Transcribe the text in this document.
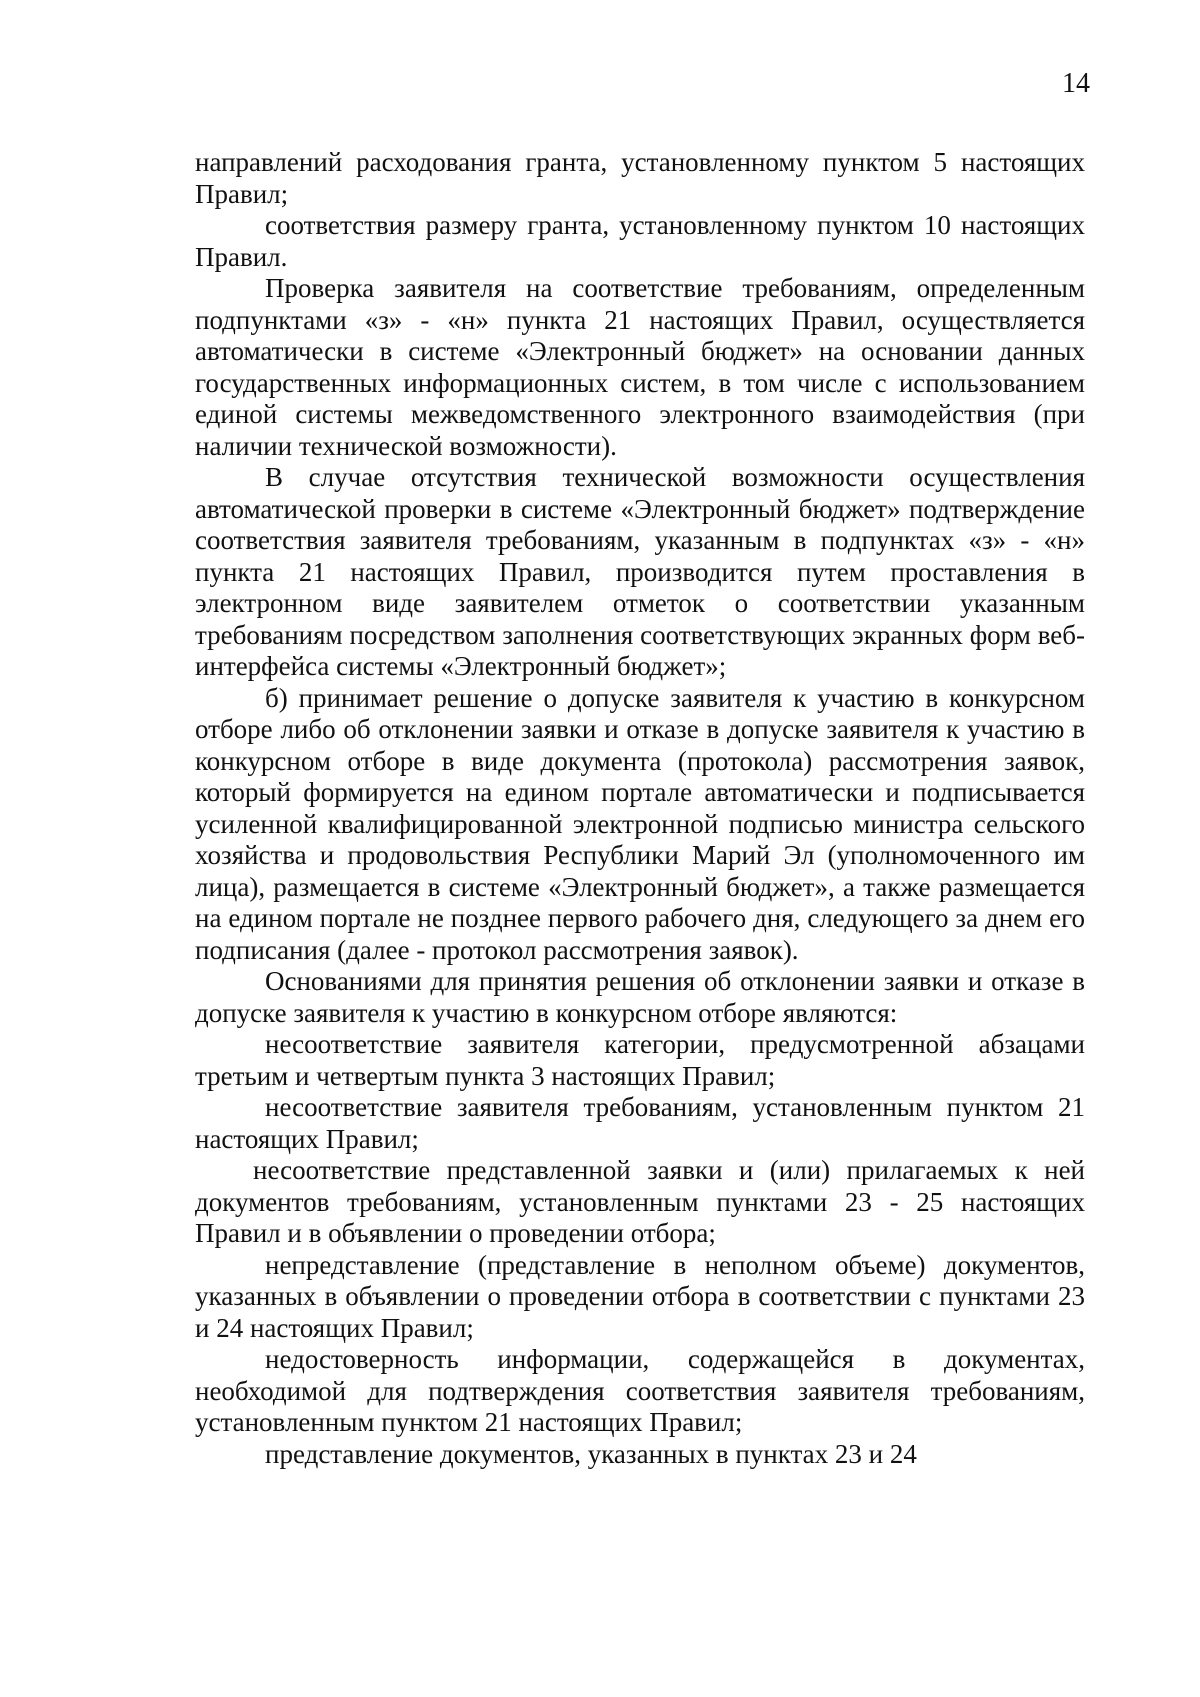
14

направлений расходования гранта, установленному пунктом 5 настоящих Правил;

соответствия размеру гранта, установленному пунктом 10 настоящих Правил.

Проверка заявителя на соответствие требованиям, определенным подпунктами «з» - «н» пункта 21 настоящих Правил, осуществляется автоматически в системе «Электронный бюджет» на основании данных государственных информационных систем, в том числе с использованием единой системы межведомственного электронного взаимодействия (при наличии технической возможности).

В случае отсутствия технической возможности осуществления автоматической проверки в системе «Электронный бюджет» подтверждение соответствия заявителя требованиям, указанным в подпунктах «з» - «н» пункта 21 настоящих Правил, производится путем проставления в электронном виде заявителем отметок о соответствии указанным требованиям посредством заполнения соответствующих экранных форм веб-интерфейса системы «Электронный бюджет»;

б) принимает решение о допуске заявителя к участию в конкурсном отборе либо об отклонении заявки и отказе в допуске заявителя к участию в конкурсном отборе в виде документа (протокола) рассмотрения заявок, который формируется на едином портале автоматически и подписывается усиленной квалифицированной электронной подписью министра сельского хозяйства и продовольствия Республики Марий Эл (уполномоченного им лица), размещается в системе «Электронный бюджет», а также размещается на едином портале не позднее первого рабочего дня, следующего за днем его подписания (далее - протокол рассмотрения заявок).

Основаниями для принятия решения об отклонении заявки и отказе в допуске заявителя к участию в конкурсном отборе являются:

несоответствие заявителя категории, предусмотренной абзацами третьим и четвертым пункта 3 настоящих Правил;

несоответствие заявителя требованиям, установленным пунктом 21 настоящих Правил;

несоответствие представленной заявки и (или) прилагаемых к ней документов требованиям, установленным пунктами 23 - 25 настоящих Правил и в объявлении о проведении отбора;

непредставление (представление в неполном объеме) документов, указанных в объявлении о проведении отбора в соответствии с пунктами 23 и 24 настоящих Правил;

недостоверность информации, содержащейся в документах, необходимой для подтверждения соответствия заявителя требованиям, установленным пунктом 21 настоящих Правил;

представление документов, указанных в пунктах 23 и 24
